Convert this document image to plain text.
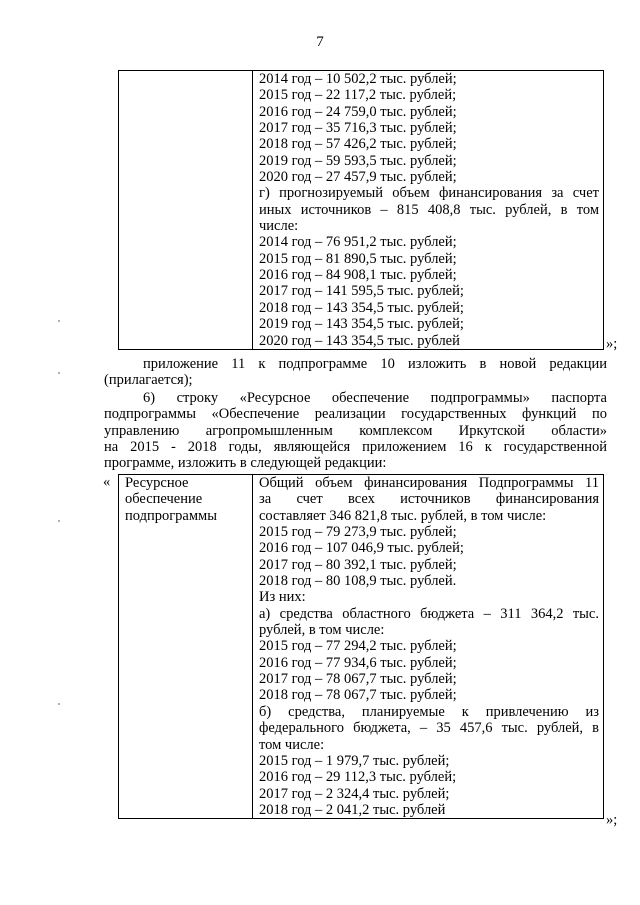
7

2014 год – 10 502,2 тыс. рублей;
2015 год – 22 117,2 тыс. рублей;
2016 год – 24 759,0 тыс. рублей;
2017 год – 35 716,3 тыс. рублей;
2018 год – 57 426,2 тыс. рублей;
2019 год – 59 593,5 тыс. рублей;
2020 год – 27 457,9 тыс. рублей;
г) прогнозируемый объем финансирования за счет
иных источников – 815 408,8 тыс. рублей, в том
числе:
2014 год – 76 951,2 тыс. рублей;
2015 год – 81 890,5 тыс. рублей;
2016 год – 84 908,1 тыс. рублей;
2017 год – 141 595,5 тыс. рублей;
2018 год – 143 354,5 тыс. рублей;
2019 год – 143 354,5 тыс. рублей;
2020 год – 143 354,5 тыс. рублей	»;
приложение 11 к подпрограмме 10 изложить в новой редакции
(прилагается);
6) строку «Ресурсное обеспечение подпрограммы» паспорта
подпрограммы «Обеспечение реализации государственных функций по
управлению агропромышленным комплексом Иркутской области»
на 2015 - 2018 годы, являющейся приложением 16 к государственной
программе, изложить в следующей редакции:
«	Ресурсное
обеспечение
подпрограммы

Общий объем финансирования Подпрограммы 11
за счет всех источников финансирования
составляет 346 821,8 тыс. рублей, в том числе:
2015 год – 79 273,9 тыс. рублей;
2016 год – 107 046,9 тыс. рублей;
2017 год – 80 392,1 тыс. рублей;
2018 год – 80 108,9 тыс. рублей.
Из них:
а) средства областного бюджета – 311 364,2 тыс.
рублей, в том числе:
2015 год – 77 294,2 тыс. рублей;
2016 год – 77 934,6 тыс. рублей;
2017 год – 78 067,7 тыс. рублей;
2018 год – 78 067,7 тыс. рублей;
б) средства, планируемые к привлечению из
федерального бюджета, – 35 457,6 тыс. рублей, в
том числе:
2015 год – 1 979,7 тыс. рублей;
2016 год – 29 112,3 тыс. рублей;
2017 год – 2 324,4 тыс. рублей;
2018 год – 2 041,2 тыс. рублей
»;
